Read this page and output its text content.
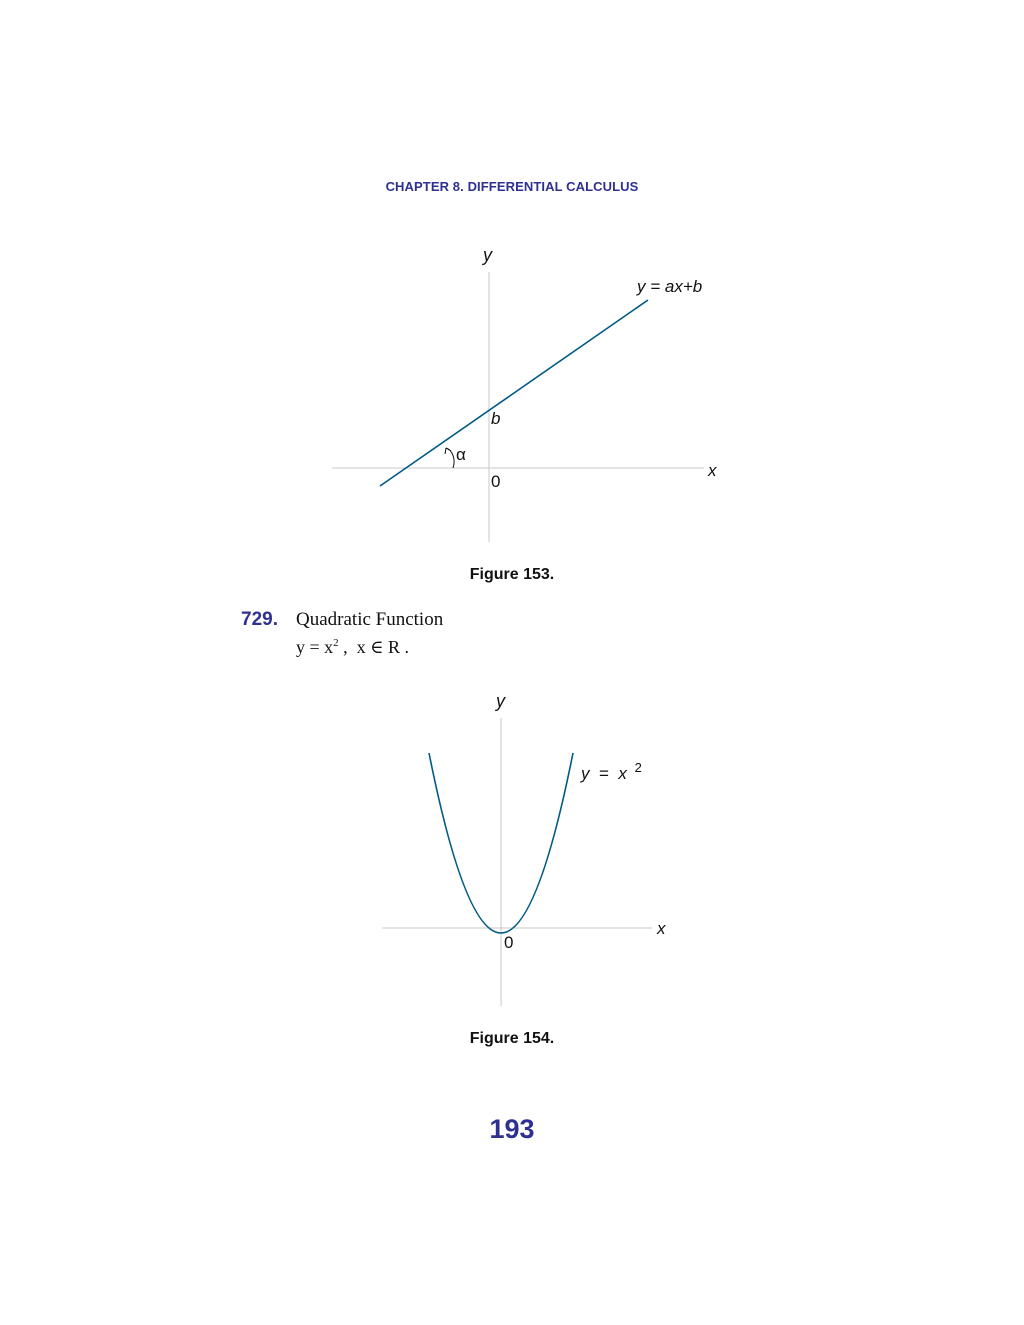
CHAPTER 8. DIFFERENTIAL CALCULUS
y
x
0
b
α
y = ax+b
Figure 153.
729. Quadratic Function
$y = x^2$ ,  x ∈ R .
y
x
0
y  =  x $^2$
Figure 154.
193
